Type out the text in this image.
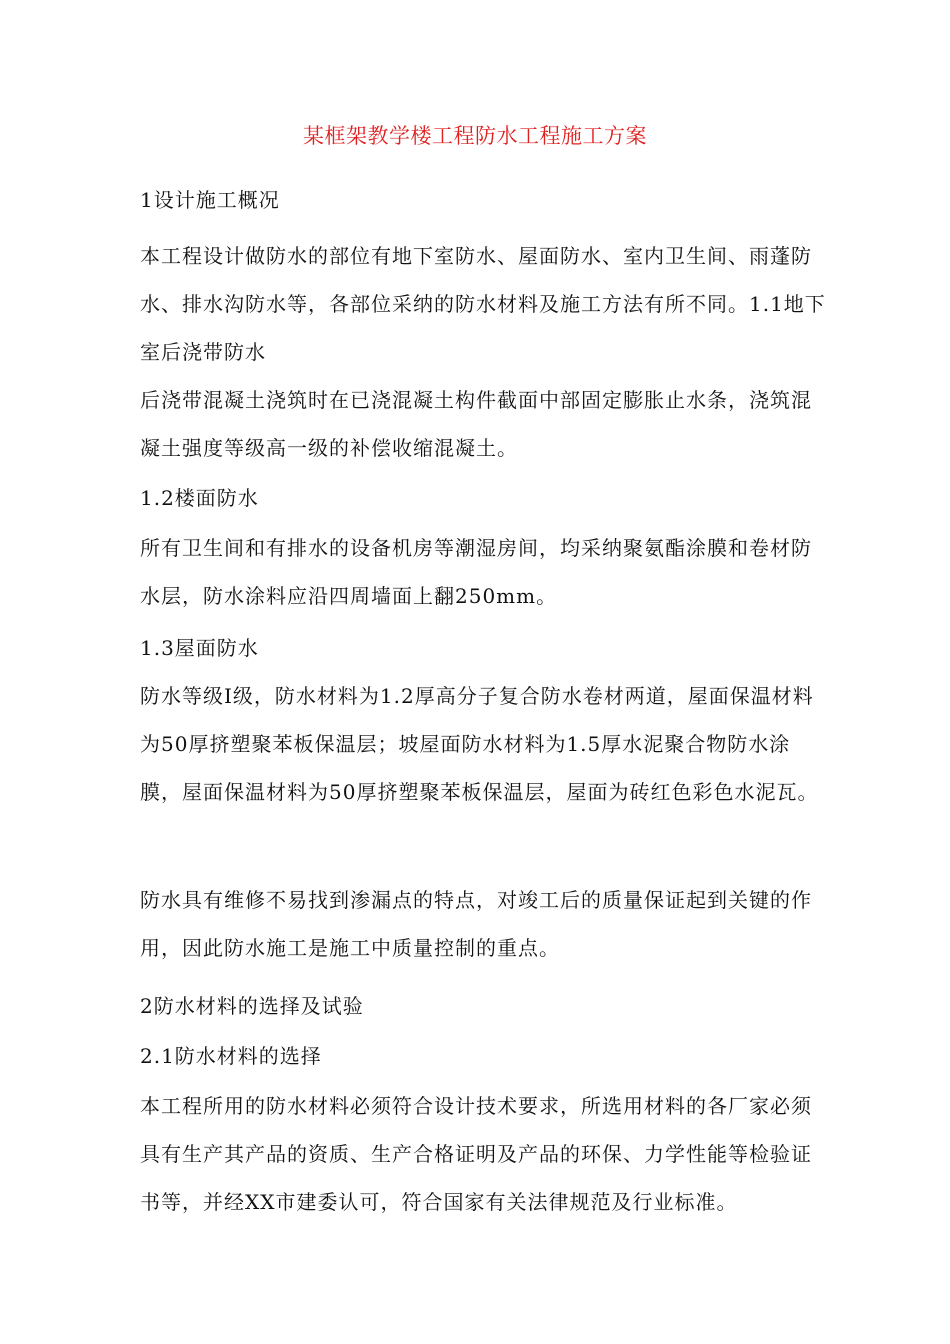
某框架教学楼工程防水工程施工方案

1设计施工概况

本工程设计做防水的部位有地下室防水、屋面防水、室内卫生间、雨蓬防水、排水沟防水等，各部位采纳的防水材料及施工方法有所不同。1.1地下室后浇带防水

后浇带混凝土浇筑时在已浇混凝土构件截面中部固定膨胀止水条，浇筑混凝土强度等级高一级的补偿收缩混凝土。

1.2楼面防水

所有卫生间和有排水的设备机房等潮湿房间，均采纳聚氨酯涂膜和卷材防水层，防水涂料应沿四周墙面上翻250mm。

1.3屋面防水

防水等级I级，防水材料为1.2厚高分子复合防水卷材两道，屋面保温材料为50厚挤塑聚苯板保温层；坡屋面防水材料为1.5厚水泥聚合物防水涂膜，屋面保温材料为50厚挤塑聚苯板保温层，屋面为砖红色彩色水泥瓦。

防水具有维修不易找到渗漏点的特点，对竣工后的质量保证起到关键的作用，因此防水施工是施工中质量控制的重点。

2防水材料的选择及试验

2.1防水材料的选择

本工程所用的防水材料必须符合设计技术要求，所选用材料的各厂家必须具有生产其产品的资质、生产合格证明及产品的环保、力学性能等检验证书等，并经XX市建委认可，符合国家有关法律规范及行业标准。
